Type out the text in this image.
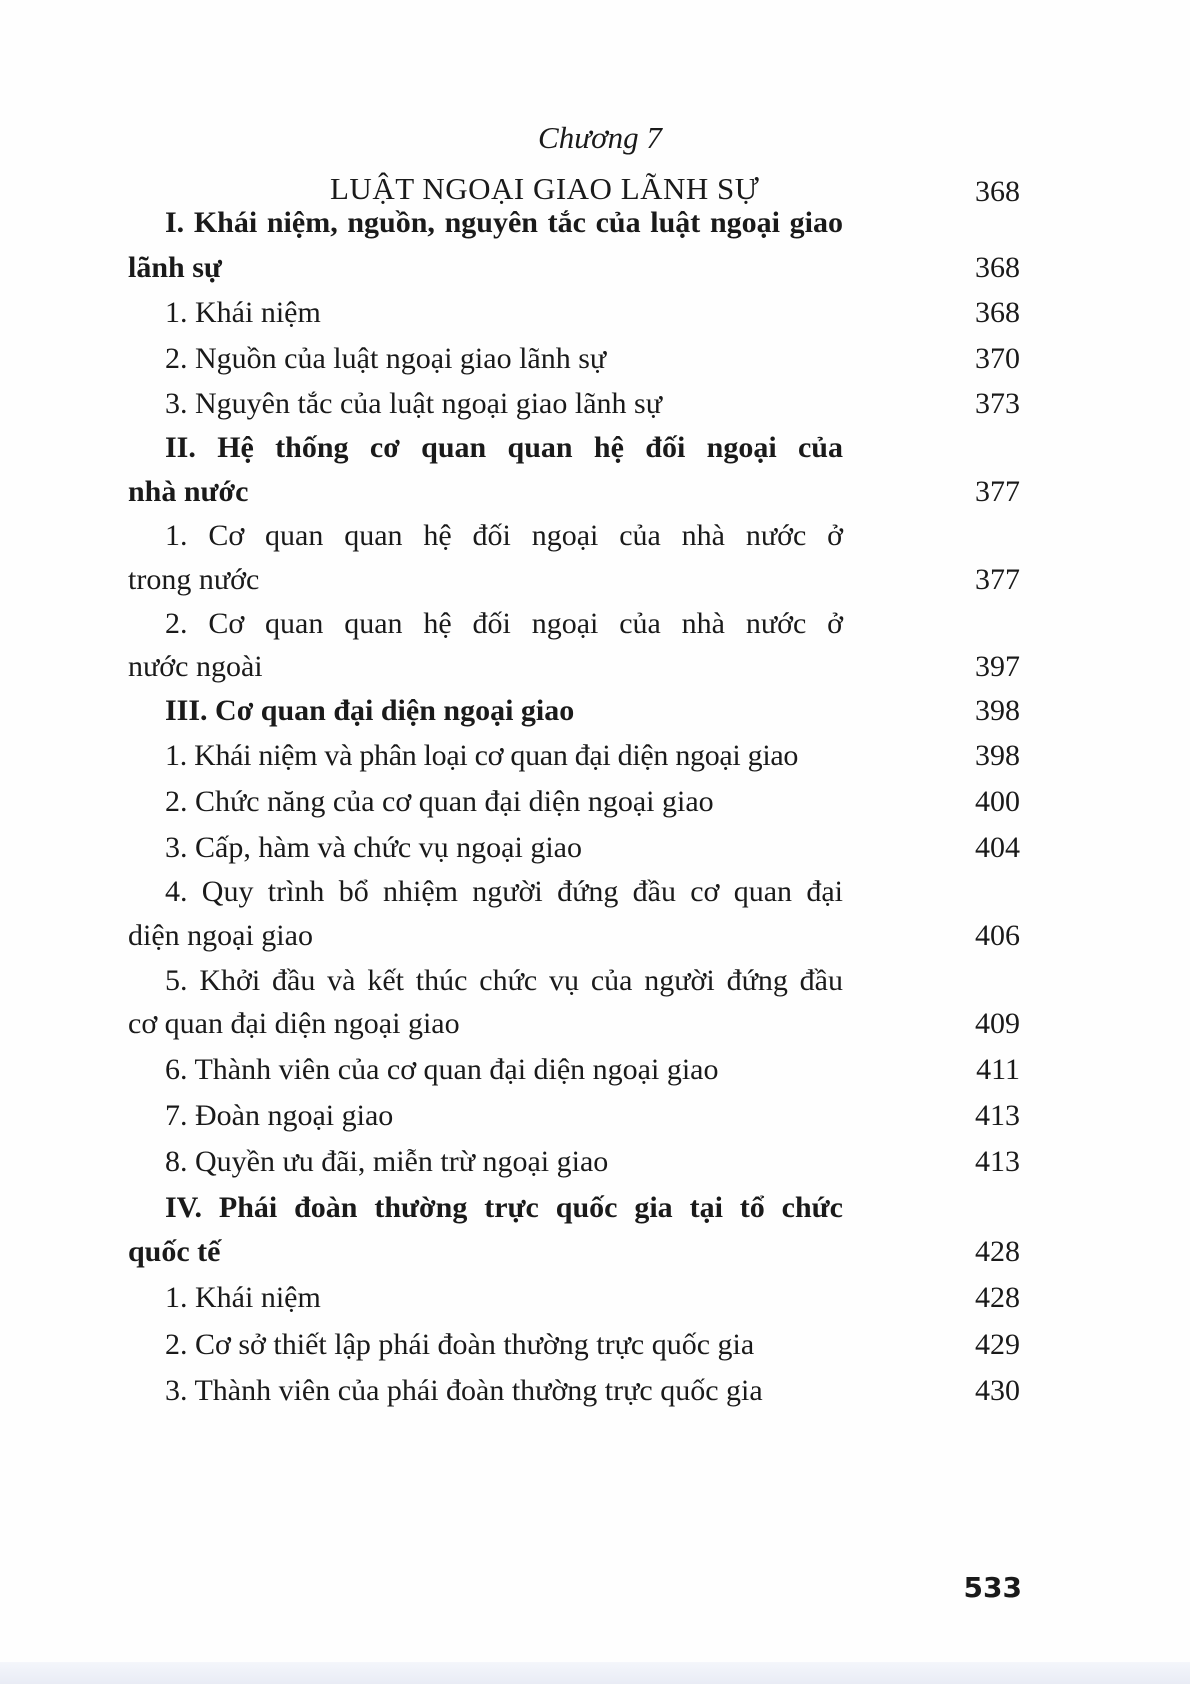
Chương 7
LUẬT NGOẠI GIAO LÃNH SỰ	368
I. Khái niệm, nguồn, nguyên tắc của luật ngoại giao
lãnh sự	368
1. Khái niệm	368
2. Nguồn của luật ngoại giao lãnh sự	370
3. Nguyên tắc của luật ngoại giao lãnh sự	373
II. Hệ thống cơ quan quan hệ đối ngoại của
nhà nước	377
1. Cơ quan quan hệ đối ngoại của nhà nước ở
trong nước	377
2. Cơ quan quan hệ đối ngoại của nhà nước ở
nước ngoài	397
III. Cơ quan đại diện ngoại giao	398
1. Khái niệm và phân loại cơ quan đại diện ngoại giao	398
2. Chức năng của cơ quan đại diện ngoại giao	400
3. Cấp, hàm và chức vụ ngoại giao	404
4. Quy trình bổ nhiệm người đứng đầu cơ quan đại
diện ngoại giao	406
5. Khởi đầu và kết thúc chức vụ của người đứng đầu
cơ quan đại diện ngoại giao	409
6. Thành viên của cơ quan đại diện ngoại giao	411
7. Đoàn ngoại giao	413
8. Quyền ưu đãi, miễn trừ ngoại giao	413
IV. Phái đoàn thường trực quốc gia tại tổ chức
quốc tế	428
1. Khái niệm	428
2. Cơ sở thiết lập phái đoàn thường trực quốc gia	429
3. Thành viên của phái đoàn thường trực quốc gia	430
533
